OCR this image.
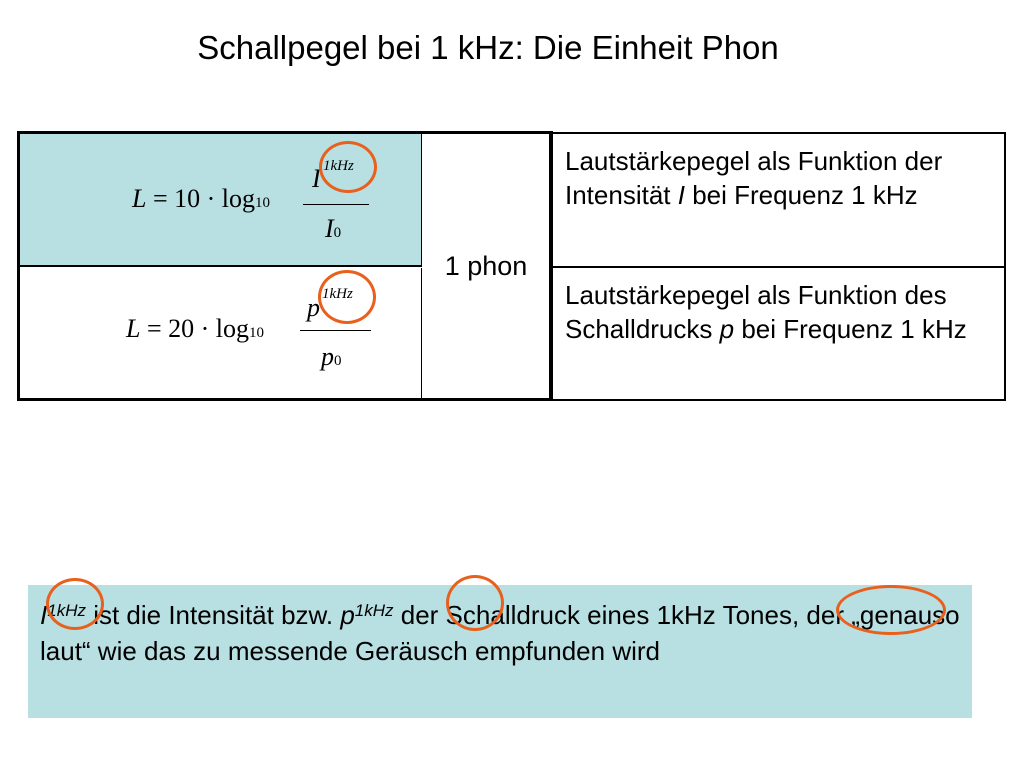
Schallpegel bei 1 kHz: Die Einheit Phon
L = 10 · log10
I 1kHz
I0
L = 20 · log10
p 1kHz
p0
1 phon
Lautstärkepegel als Funktion der Intensität I bei Frequenz 1 kHz
Lautstärkepegel als Funktion des Schalldrucks p bei Frequenz 1 kHz
$I^{1kHz}$ ist die Intensität bzw. $p^{1kHz}$ der Schalldruck eines 1kHz Tones, der „genauso laut“ wie das zu messende Geräusch empfunden wird
